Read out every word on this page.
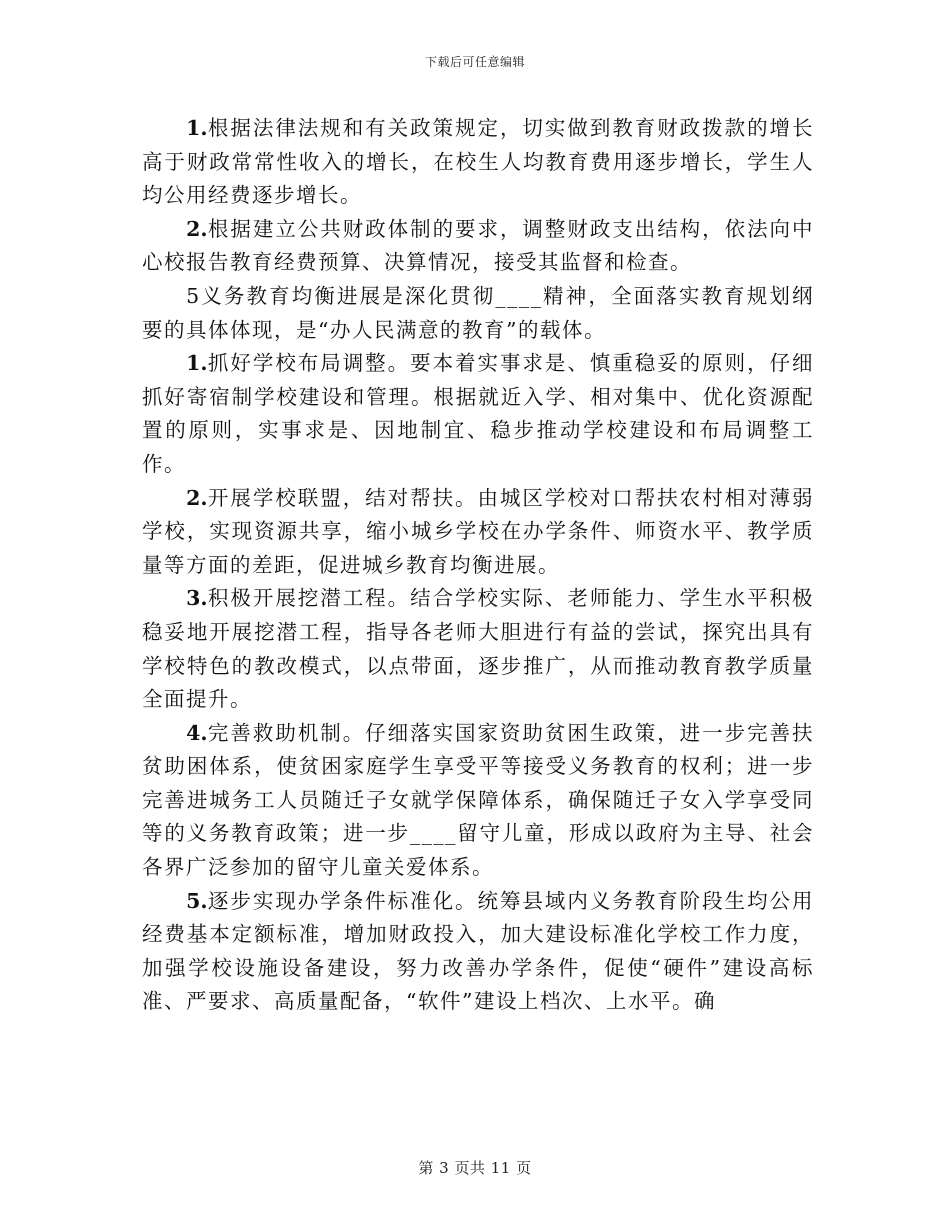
下载后可任意编辑

1.根据法律法规和有关政策规定，切实做到教育财政拨款的增长高于财政常常性收入的增长，在校生人均教育费用逐步增长，学生人均公用经费逐步增长。

2.根据建立公共财政体制的要求，调整财政支出结构，依法向中心校报告教育经费预算、决算情况，接受其监督和检查。

5义务教育均衡进展是深化贯彻____精神，全面落实教育规划纲要的具体体现，是“办人民满意的教育”的载体。

1.抓好学校布局调整。要本着实事求是、慎重稳妥的原则，仔细抓好寄宿制学校建设和管理。根据就近入学、相对集中、优化资源配置的原则，实事求是、因地制宜、稳步推动学校建设和布局调整工作。

2.开展学校联盟，结对帮扶。由城区学校对口帮扶农村相对薄弱学校，实现资源共享，缩小城乡学校在办学条件、师资水平、教学质量等方面的差距，促进城乡教育均衡进展。

3.积极开展挖潜工程。结合学校实际、老师能力、学生水平积极稳妥地开展挖潜工程，指导各老师大胆进行有益的尝试，探究出具有学校特色的教改模式，以点带面，逐步推广，从而推动教育教学质量全面提升。

4.完善救助机制。仔细落实国家资助贫困生政策，进一步完善扶贫助困体系，使贫困家庭学生享受平等接受义务教育的权利；进一步完善进城务工人员随迁子女就学保障体系，确保随迁子女入学享受同等的义务教育政策；进一步____留守儿童，形成以政府为主导、社会各界广泛参加的留守儿童关爱体系。

5.逐步实现办学条件标准化。统筹县域内义务教育阶段生均公用经费基本定额标准，增加财政投入，加大建设标准化学校工作力度，加强学校设施设备建设，努力改善办学条件，促使“硬件”建设高标准、严要求、高质量配备，“软件”建设上档次、上水平。确

第 3 页共 11 页
